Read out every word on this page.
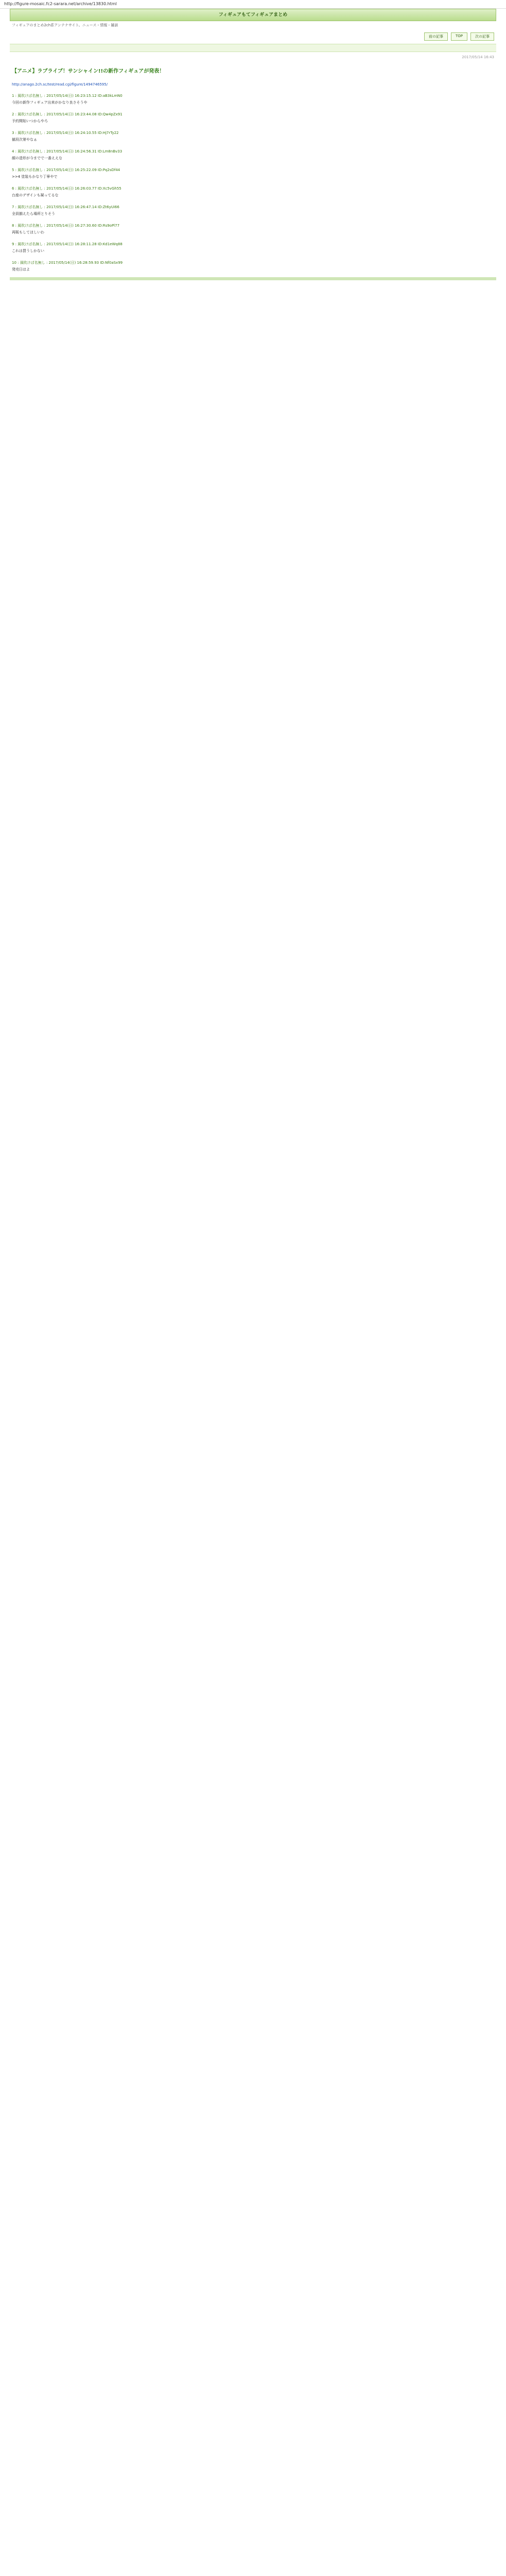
http://figure-mosaic.fc2-sarara.net/archive/13830.html
フィギュアもてフィギュアまとめ
フィギュアのまとめ2ch系アンテナサイト。ニュース・情報・雑談
前の記事	TOP	次の記事
2017/05/14 16:43
【アニメ】ラブライブ！サンシャイン!!の新作フィギュアが発表！
http://anago.2ch.sc/test/read.cgi/figure/1494746595/
1 : 風吹けば名無し : 2017/05/14(日) 16:23:15.12 ID:aB3kLmN0
今回の新作フィギュア出来がかなり良さそうや
2 : 風吹けば名無し : 2017/05/14(日) 16:23:44.08 ID:Qw4pZx91
予約開始いつからやろ
3 : 風吹けば名無し : 2017/05/14(日) 16:24:10.55 ID:Hj7rTy22
値段次第やなぁ
4 : 風吹けば名無し : 2017/05/14(日) 16:24:56.31 ID:Lm8nBv33
顔の造形が今までで一番ええな
5 : 風吹けば名無し : 2017/05/14(日) 16:25:22.09 ID:Pq2sDf44
>>4 塗装もかなり丁寧やで
6 : 風吹けば名無し : 2017/05/14(日) 16:26:03.77 ID:Xc5vGh55
台座のデザインも凝ってるな
7 : 風吹けば名無し : 2017/05/14(日) 16:26:47.14 ID:Zt6yUi66
全員揃えたら場所とりそう
8 : 風吹けば名無し : 2017/05/14(日) 16:27:30.60 ID:Rs9oPl77
再販もしてほしいわ
9 : 風吹けば名無し : 2017/05/14(日) 16:28:11.28 ID:Kd1eWq88
これは買うしかない
10 : 風吹けば名無し : 2017/05/14(日) 16:28:59.93 ID:Nf0aSx99
発売日はよ
